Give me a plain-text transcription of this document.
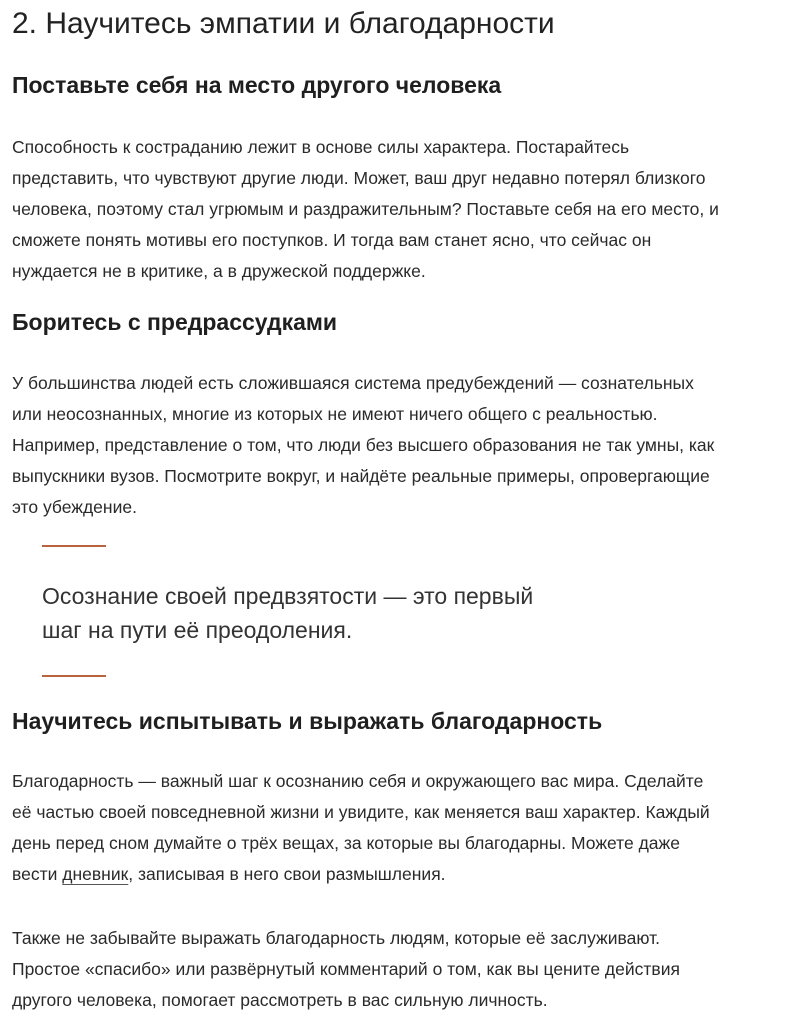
2. Научитесь эмпатии и благодарности
Поставьте себя на место другого человека
Способность к состраданию лежит в основе силы характера. Постарайтесь
представить, что чувствуют другие люди. Может, ваш друг недавно потерял близкого
человека, поэтому стал угрюмым и раздражительным? Поставьте себя на его место, и
сможете понять мотивы его поступков. И тогда вам станет ясно, что сейчас он
нуждается не в критике, а в дружеской поддержке.
Боритесь с предрассудками
У большинства людей есть сложившаяся система предубеждений — сознательных
или неосознанных, многие из которых не имеют ничего общего с реальностью.
Например, представление о том, что люди без высшего образования не так умны, как
выпускники вузов. Посмотрите вокруг, и найдёте реальные примеры, опровергающие
это убеждение.
Осознание своей предвзятости — это первый
шаг на пути её преодоления.
Научитесь испытывать и выражать благодарность
Благодарность — важный шаг к осознанию себя и окружающего вас мира. Сделайте
её частью своей повседневной жизни и увидите, как меняется ваш характер. Каждый
день перед сном думайте о трёх вещах, за которые вы благодарны. Можете даже
вести дневник, записывая в него свои размышления.
Также не забывайте выражать благодарность людям, которые её заслуживают.
Простое «спасибо» или развёрнутый комментарий о том, как вы цените действия
другого человека, помогает рассмотреть в вас сильную личность.
